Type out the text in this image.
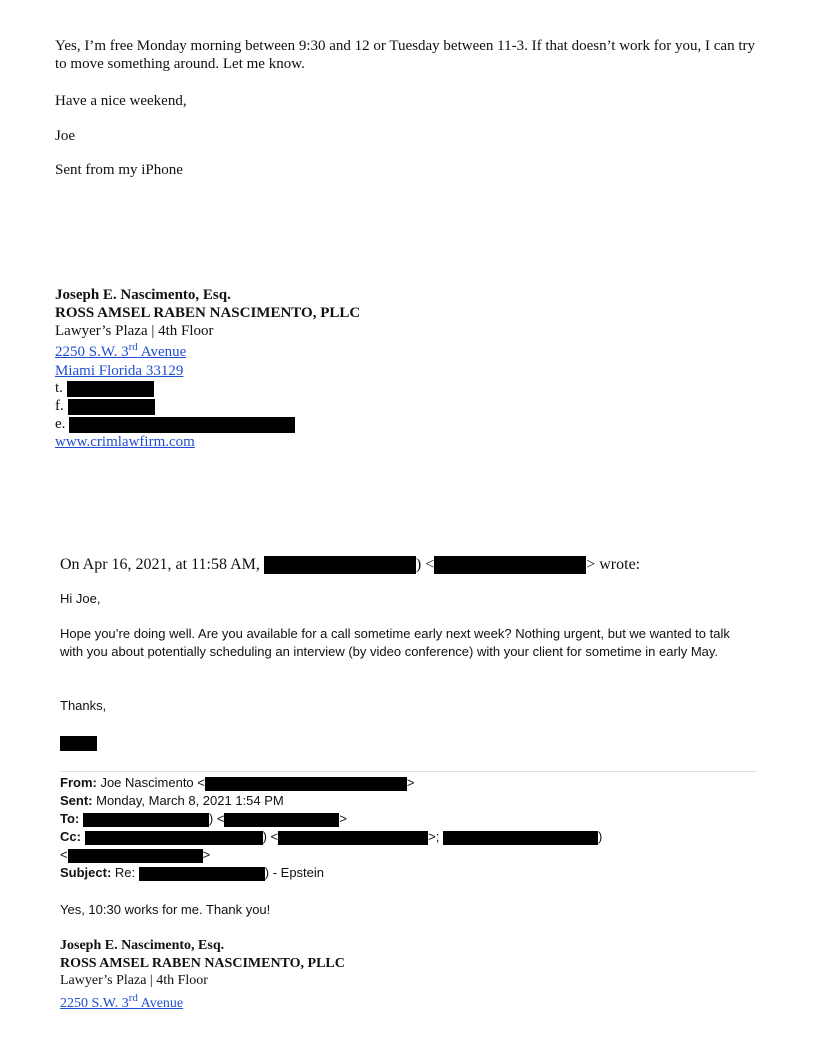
Yes, I’m free Monday morning between 9:30 and 12 or Tuesday between 11-3. If that doesn’t work for you, I can try to move something around. Let me know.

Have a nice weekend,

Joe

Sent from my iPhone

Joseph E. Nascimento, Esq.

ROSS AMSEL RABEN NASCIMENTO, PLLC

Lawyer’s Plaza | 4th Floor

2250 S.W. 3rd Avenue

Miami Florida 33129

t.
f.
e.

www.crimlawfirm.com

On Apr 16, 2021, at 11:58 AM,	) <	> wrote:

Hi Joe,

Hope you’re doing well. Are you available for a call sometime early next week? Nothing urgent, but we wanted to talk with you about potentially scheduling an interview (by video conference) with your client for sometime in early May.

Thanks,

From: Joe Nascimento <	>
Sent: Monday, March 8, 2021 1:54 PM
To:	) <	>
Cc:	) <	>;	)
<	>
Subject: Re:	) - Epstein

Yes, 10:30 works for me. Thank you!

Joseph E. Nascimento, Esq.

ROSS AMSEL RABEN NASCIMENTO, PLLC

Lawyer’s Plaza | 4th Floor

2250 S.W. 3rd Avenue
